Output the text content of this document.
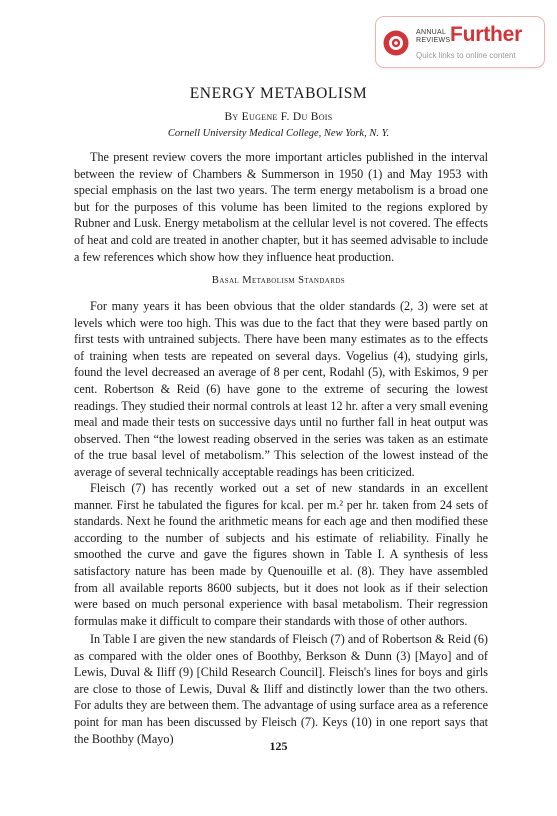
ANNUAL
REVIEWS Further
Quick links to online content
ENERGY METABOLISM
By Eugene F. Du Bois
Cornell University Medical College, New York, N. Y.

The present review covers the more important articles published in the interval between the review of Chambers & Summerson in 1950 (1) and May 1953 with special emphasis on the last two years. The term energy metabolism is a broad one but for the purposes of this volume has been limited to the regions explored by Rubner and Lusk. Energy metabolism at the cellular level is not covered. The effects of heat and cold are treated in another chapter, but it has seemed advisable to include a few references which show how they influence heat production.

Basal Metabolism Standards

For many years it has been obvious that the older standards (2, 3) were set at levels which were too high. This was due to the fact that they were based partly on first tests with untrained subjects. There have been many estimates as to the effects of training when tests are repeated on several days. Vogelius (4), studying girls, found the level decreased an average of 8 per cent, Rodahl (5), with Eskimos, 9 per cent. Robertson & Reid (6) have gone to the extreme of securing the lowest readings. They studied their normal controls at least 12 hr. after a very small evening meal and made their tests on successive days until no further fall in heat output was observed. Then “the lowest reading observed in the series was taken as an estimate of the true basal level of metabolism.” This selection of the lowest instead of the average of several technically acceptable readings has been criticized.

Fleisch (7) has recently worked out a set of new standards in an excellent manner. First he tabulated the figures for kcal. per m.² per hr. taken from 24 sets of standards. Next he found the arithmetic means for each age and then modified these according to the number of subjects and his estimate of reliability. Finally he smoothed the curve and gave the figures shown in Table I. A synthesis of less satisfactory nature has been made by Quenouille et al. (8). They have assembled from all available reports 8600 subjects, but it does not look as if their selection were based on much personal experience with basal metabolism. Their regression formulas make it difficult to compare their standards with those of other authors.

In Table I are given the new standards of Fleisch (7) and of Robertson & Reid (6) as compared with the older ones of Boothby, Berkson & Dunn (3) [Mayo] and of Lewis, Duval & Iliff (9) [Child Research Council]. Fleisch's lines for boys and girls are close to those of Lewis, Duval & Iliff and distinctly lower than the two others. For adults they are between them. The advantage of using surface area as a reference point for man has been discussed by Fleisch (7). Keys (10) in one report says that the Boothby (Mayo)

125
